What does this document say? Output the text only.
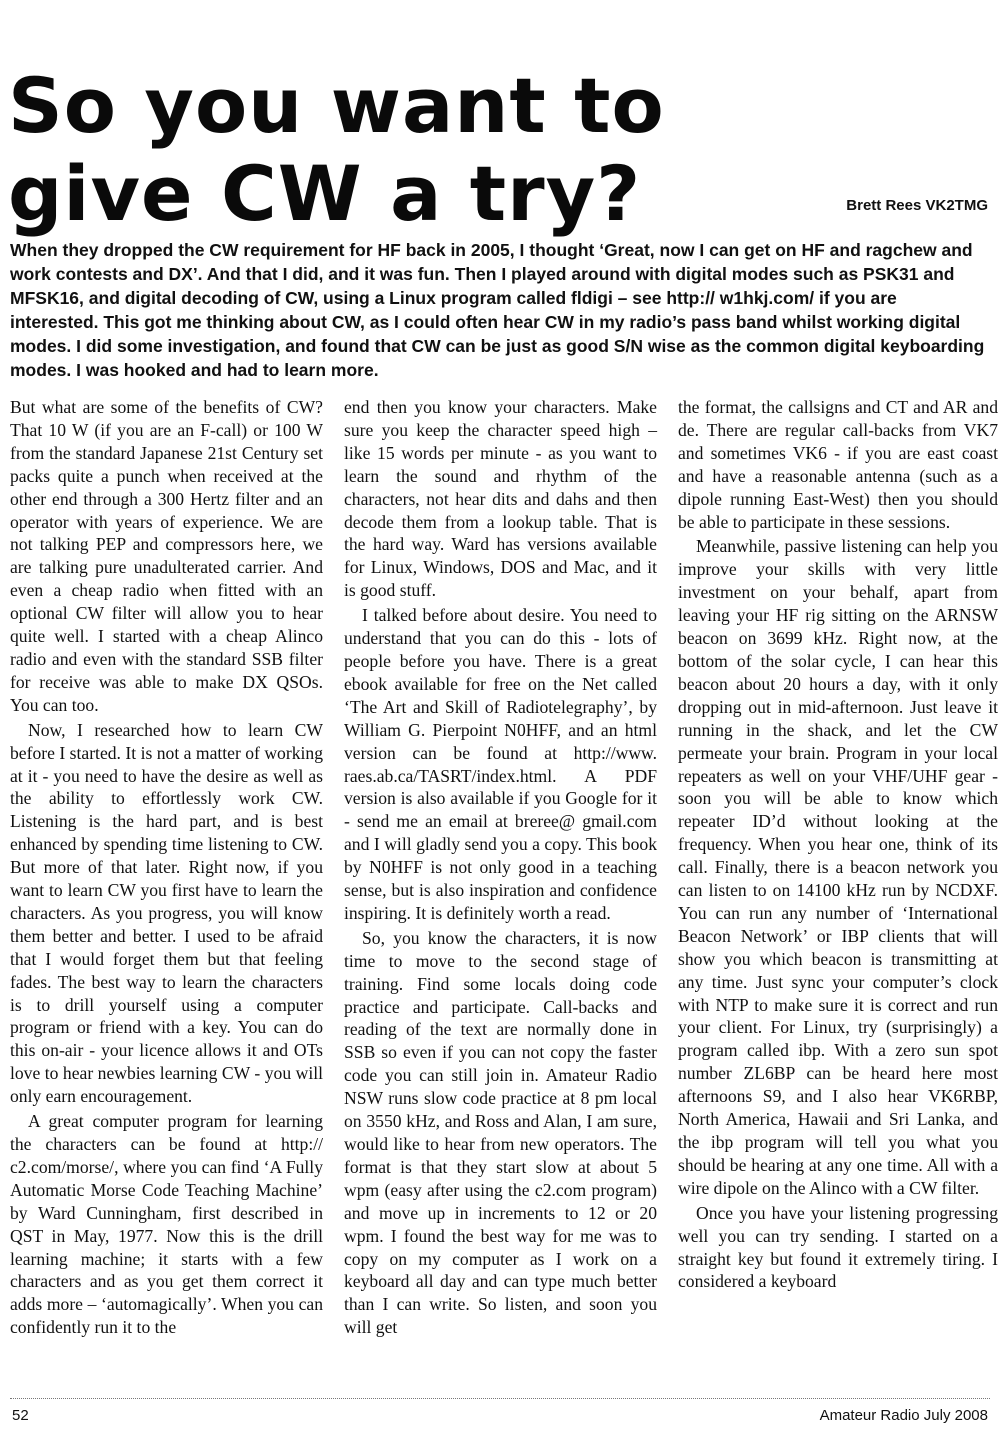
So you want to give CW a try?	Brett Rees VK2TMG

When they dropped the CW requirement for HF back in 2005, I thought ‘Great, now I can get on HF and ragchew and work contests and DX’. And that I did, and it was fun. Then I played around with digital modes such as PSK31 and MFSK16, and digital decoding of CW, using a Linux program called fldigi – see http:// w1hkj.com/ if you are interested. This got me thinking about CW, as I could often hear CW in my radio’s pass band whilst working digital modes. I did some investigation, and found that CW can be just as good S/N wise as the common digital keyboarding modes. I was hooked and had to learn more.

But what are some of the benefits of CW? That 10 W (if you are an F-call) or 100 W from the standard Japanese 21st Century set packs quite a punch when received at the other end through a 300 Hertz filter and an operator with years of experience. We are not talking PEP and compressors here, we are talking pure unadulterated carrier. And even a cheap radio when fitted with an optional CW filter will allow you to hear quite well. I started with a cheap Alinco radio and even with the standard SSB filter for receive was able to make DX QSOs. You can too.

Now, I researched how to learn CW before I started. It is not a matter of working at it - you need to have the desire as well as the ability to effortlessly work CW. Listening is the hard part, and is best enhanced by spending time listening to CW. But more of that later. Right now, if you want to learn CW you first have to learn the characters. As you progress, you will know them better and better. I used to be afraid that I would forget them but that feeling fades. The best way to learn the characters is to drill yourself using a computer program or friend with a key. You can do this on-air - your licence allows it and OTs love to hear newbies learning CW - you will only earn encouragement.

A great computer program for learning the characters can be found at http:// c2.com/morse/, where you can find ‘A Fully Automatic Morse Code Teaching Machine’ by Ward Cunningham, first described in QST in May, 1977. Now this is the drill learning machine; it starts with a few characters and as you get them correct it adds more – ‘automagically’. When you can confidently run it to the

end then you know your characters. Make sure you keep the character speed high – like 15 words per minute - as you want to learn the sound and rhythm of the characters, not hear dits and dahs and then decode them from a lookup table. That is the hard way. Ward has versions available for Linux, Windows, DOS and Mac, and it is good stuff.

I talked before about desire. You need to understand that you can do this - lots of people before you have. There is a great ebook available for free on the Net called ‘The Art and Skill of Radiotelegraphy’, by William G. Pierpoint N0HFF, and an html version can be found at http://www. raes.ab.ca/TASRT/index.html. A PDF version is also available if you Google for it - send me an email at breree@ gmail.com and I will gladly send you a copy. This book by N0HFF is not only good in a teaching sense, but is also inspiration and confidence inspiring. It is definitely worth a read.

So, you know the characters, it is now time to move to the second stage of training. Find some locals doing code practice and participate. Call-backs and reading of the text are normally done in SSB so even if you can not copy the faster code you can still join in. Amateur Radio NSW runs slow code practice at 8 pm local on 3550 kHz, and Ross and Alan, I am sure, would like to hear from new operators. The format is that they start slow at about 5 wpm (easy after using the c2.com program) and move up in increments to 12 or 20 wpm. I found the best way for me was to copy on my computer as I work on a keyboard all day and can type much better than I can write. So listen, and soon you will get

the format, the callsigns and CT and AR and de. There are regular call-backs from VK7 and sometimes VK6 - if you are east coast and have a reasonable antenna (such as a dipole running East-West) then you should be able to participate in these sessions.

Meanwhile, passive listening can help you improve your skills with very little investment on your behalf, apart from leaving your HF rig sitting on the ARNSW beacon on 3699 kHz. Right now, at the bottom of the solar cycle, I can hear this beacon about 20 hours a day, with it only dropping out in mid-afternoon. Just leave it running in the shack, and let the CW permeate your brain. Program in your local repeaters as well on your VHF/UHF gear - soon you will be able to know which repeater ID’d without looking at the frequency. When you hear one, think of its call. Finally, there is a beacon network you can listen to on 14100 kHz run by NCDXF. You can run any number of ‘International Beacon Network’ or IBP clients that will show you which beacon is transmitting at any time. Just sync your computer’s clock with NTP to make sure it is correct and run your client. For Linux, try (surprisingly) a program called ibp. With a zero sun spot number ZL6BP can be heard here most afternoons S9, and I also hear VK6RBP, North America, Hawaii and Sri Lanka, and the ibp program will tell you what you should be hearing at any one time. All with a wire dipole on the Alinco with a CW filter.

Once you have your listening progressing well you can try sending. I started on a straight key but found it extremely tiring. I considered a keyboard

52	Amateur Radio July 2008
